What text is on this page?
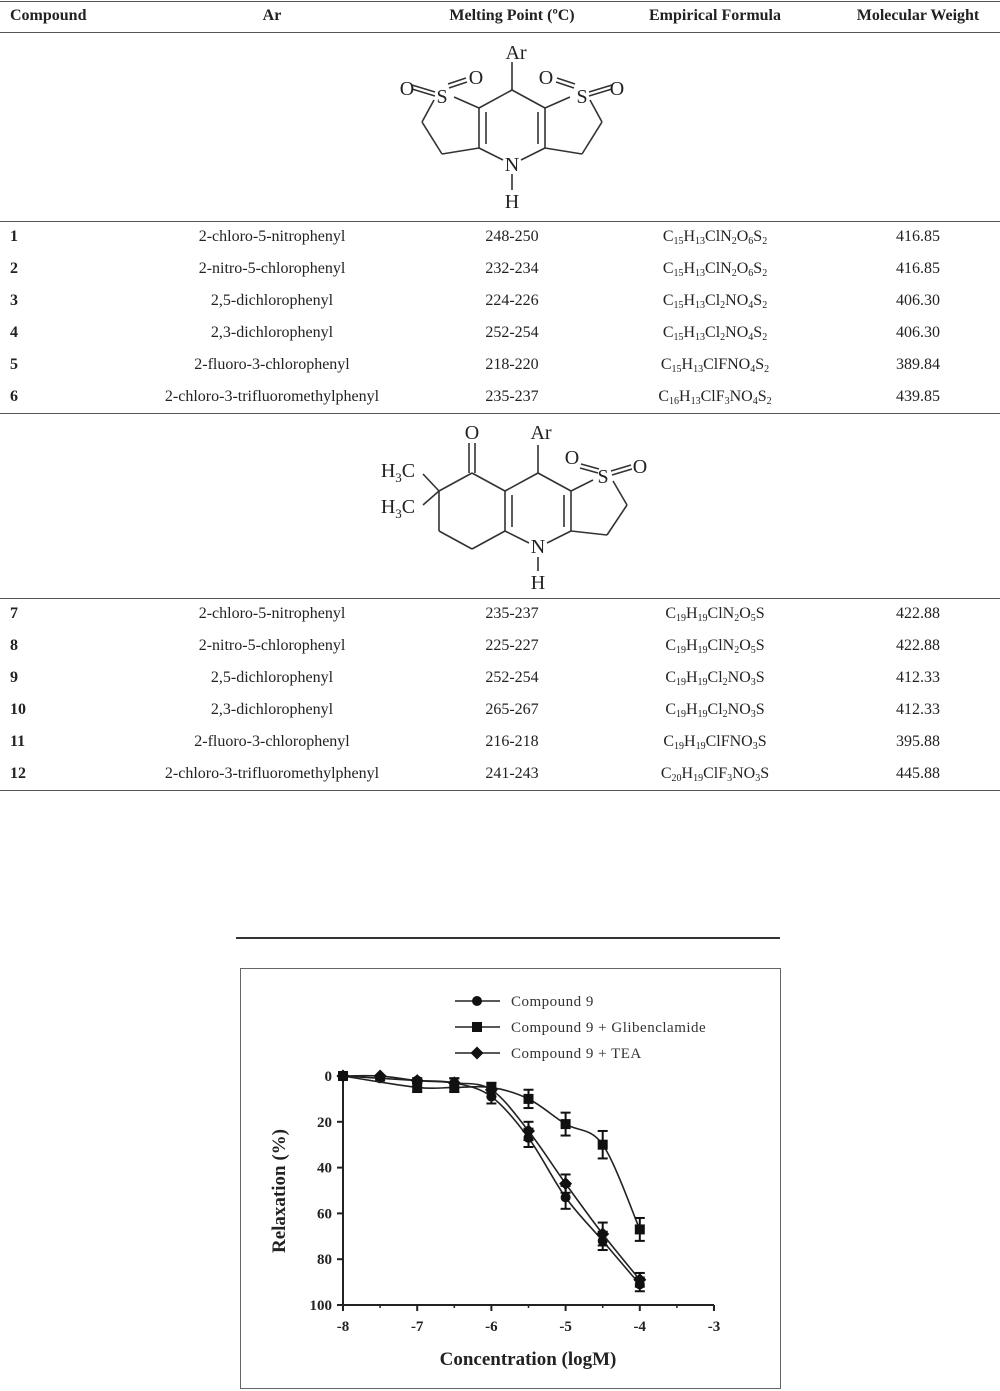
Compound	Ar	Melting Point (ºC)	Empirical Formula	Molecular Weight
Ar
O	O	O	O
S	S
N
H
1	2-chloro-5-nitrophenyl	248-250	$C_{15}H_{13}ClN_2O_6S_2$	416.85
2	2-nitro-5-chlorophenyl	232-234	$C_{15}H_{13}ClN_2O_6S_2$	416.85
3	2,5-dichlorophenyl	224-226	$C_{15}H_{13}Cl_2NO_4S_2$	406.30
4	2,3-dichlorophenyl	252-254	$C_{15}H_{13}Cl_2NO_4S_2$	406.30
5	2-fluoro-3-chlorophenyl	218-220	$C_{15}H_{13}ClFNO_4S_2$	389.84
6	2-chloro-3-trifluoromethylphenyl	235-237	$C_{16}H_{13}ClF_3NO_4S_2$	439.85
Ar
O
O	O
S
N
H
$H_3C$
$H_3C$
7	2-chloro-5-nitrophenyl	235-237	$C_{19}H_{19}ClN_2O_5S$	422.88
8	2-nitro-5-chlorophenyl	225-227	$C_{19}H_{19}ClN_2O_5S$	422.88
9	2,5-dichlorophenyl	252-254	$C_{19}H_{19}Cl_2NO_3S$	412.33
10	2,3-dichlorophenyl	265-267	$C_{19}H_{19}Cl_2NO_3S$	412.33
11	2-fluoro-3-chlorophenyl	216-218	$C_{19}H_{19}ClFNO_3S$	395.88
12	2-chloro-3-trifluoromethylphenyl	241-243	$C_{20}H_{19}ClF_3NO_3S$	445.88
Compound 9
Compound 9 + Glibenclamide
Compound 9 + TEA
-8	-7	-6	-5	-4	-3
0
20
40
60
80
100
Concentration (logM)
Relaxation (%)
